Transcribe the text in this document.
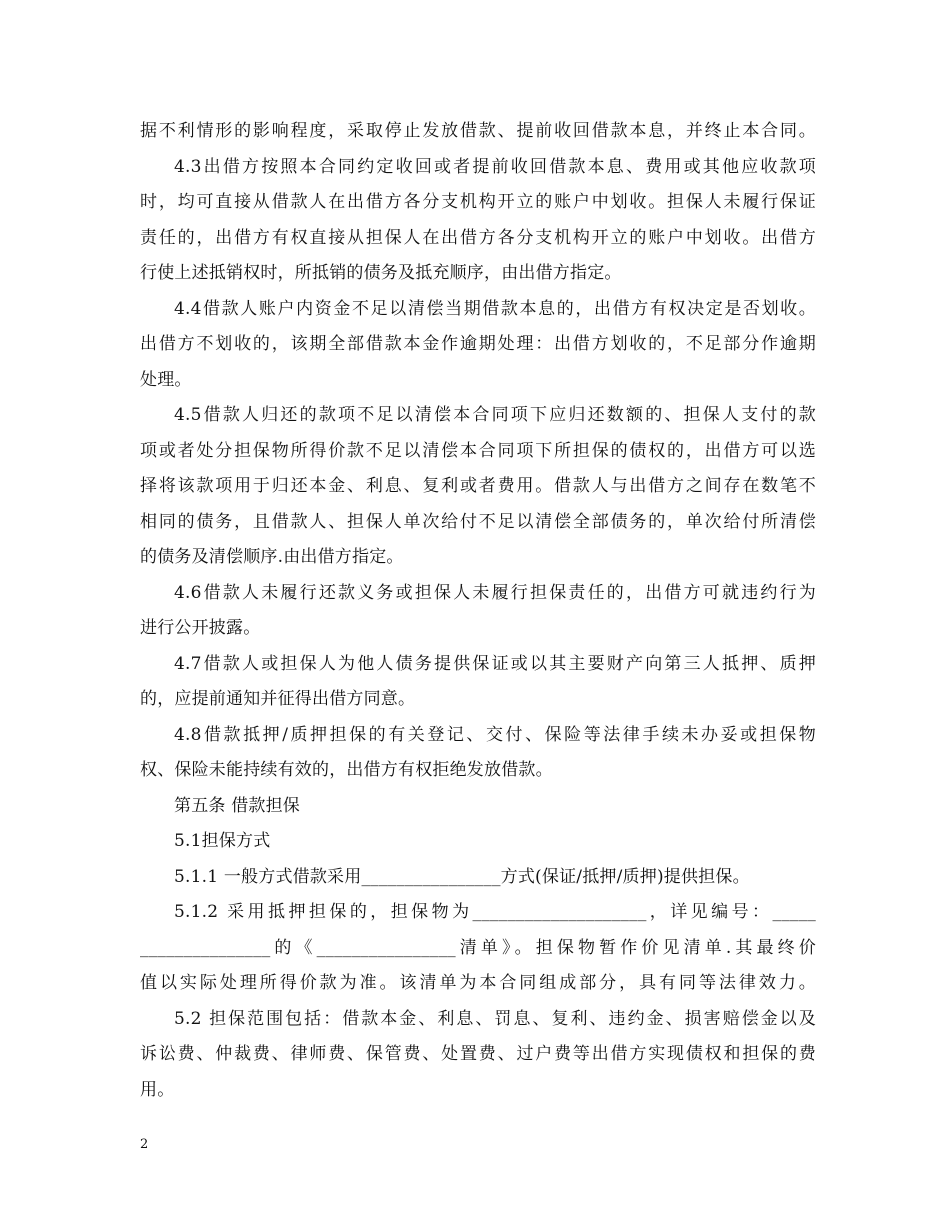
据不利情形的影响程度，采取停止发放借款、提前收回借款本息，并终止本合同。
4.3出借方按照本合同约定收回或者提前收回借款本息、费用或其他应收款项
时，均可直接从借款人在出借方各分支机构开立的账户中划收。担保人未履行保证
责任的，出借方有权直接从担保人在出借方各分支机构开立的账户中划收。出借方
行使上述抵销权时，所抵销的债务及抵充顺序，由出借方指定。
4.4借款人账户内资金不足以清偿当期借款本息的，出借方有权决定是否划收。
出借方不划收的，该期全部借款本金作逾期处理：出借方划收的，不足部分作逾期
处理。
4.5借款人归还的款项不足以清偿本合同项下应归还数额的、担保人支付的款
项或者处分担保物所得价款不足以清偿本合同项下所担保的债权的，出借方可以选
择将该款项用于归还本金、利息、复利或者费用。借款人与出借方之间存在数笔不
相同的债务，且借款人、担保人单次给付不足以清偿全部债务的，单次给付所清偿
的债务及清偿顺序.由出借方指定。
4.6借款人未履行还款义务或担保人未履行担保责任的，出借方可就违约行为
进行公开披露。
4.7借款人或担保人为他人债务提供保证或以其主要财产向第三人抵押、质押
的，应提前通知并征得出借方同意。
4.8借款抵押/质押担保的有关登记、交付、保险等法律手续未办妥或担保物
权、保险未能持续有效的，出借方有权拒绝发放借款。
第五条 借款担保
5.1担保方式
5.1.1 一般方式借款采用________________方式(保证/抵押/质押)提供担保。
5.1.2 采用抵押担保的，担保物为____________________，详见编号：_____
_______________的《________________清单》。担保物暂作价见清单.其最终价
值以实际处理所得价款为准。该清单为本合同组成部分，具有同等法律效力。
5.2 担保范围包括：借款本金、利息、罚息、复利、违约金、损害赔偿金以及
诉讼费、仲裁费、律师费、保管费、处置费、过户费等出借方实现债权和担保的费
用。
2
